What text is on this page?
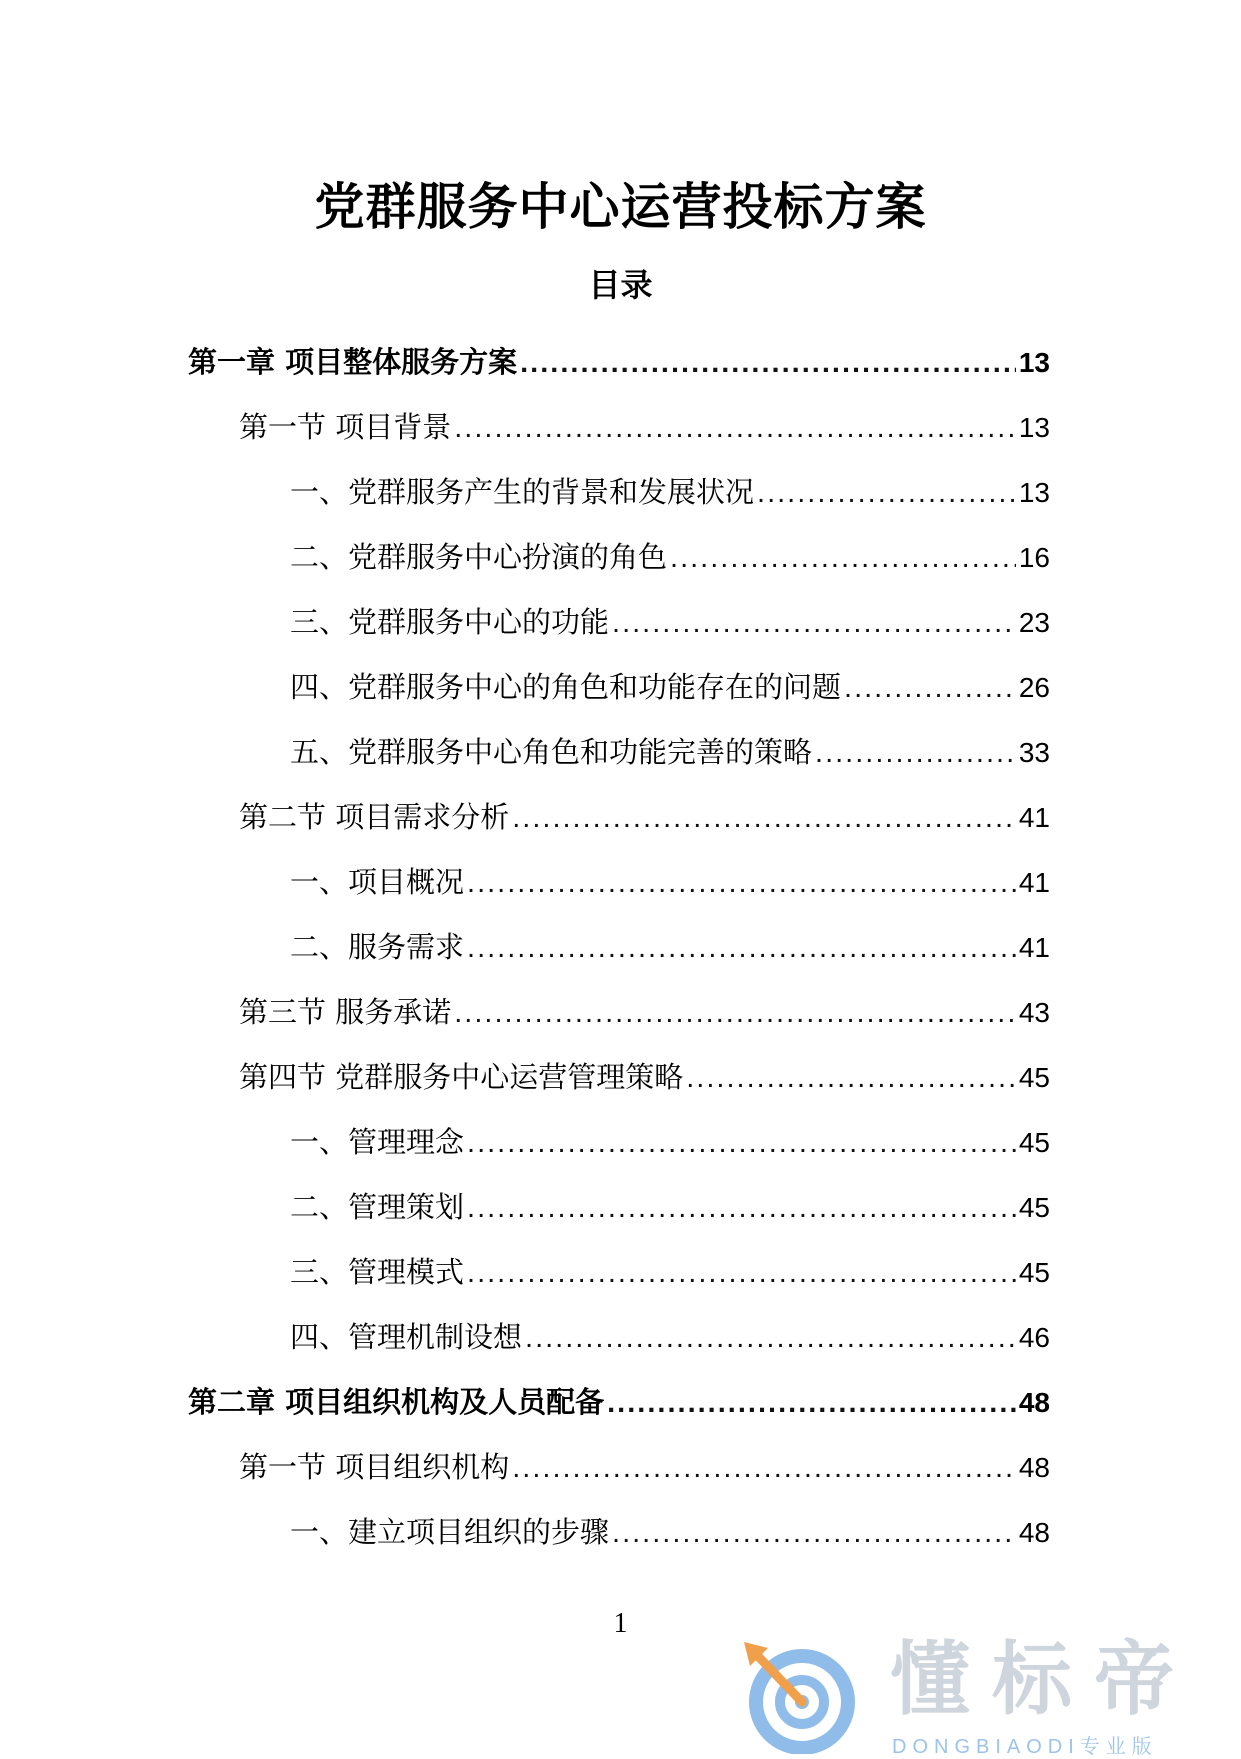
党群服务中心运营投标方案
目录
第一章 项目整体服务方案 .....	13
第一节 项目背景 .....	13
一、党群服务产生的背景和发展状况 .....	13
二、党群服务中心扮演的角色 .....	16
三、党群服务中心的功能 .....	23
四、党群服务中心的角色和功能存在的问题 .....	26
五、党群服务中心角色和功能完善的策略 .....	33
第二节 项目需求分析 .....	41
一、项目概况 .....	41
二、服务需求 .....	41
第三节 服务承诺 .....	43
第四节 党群服务中心运营管理策略 .....	45
一、管理理念 .....	45
二、管理策划 .....	45
三、管理模式 .....	45
四、管理机制设想 .....	46
第二章 项目组织机构及人员配备 .....	48
第一节 项目组织机构 .....	48
一、建立项目组织的步骤 .....	48
1
懂标帝
DONGBIAODI专业版
